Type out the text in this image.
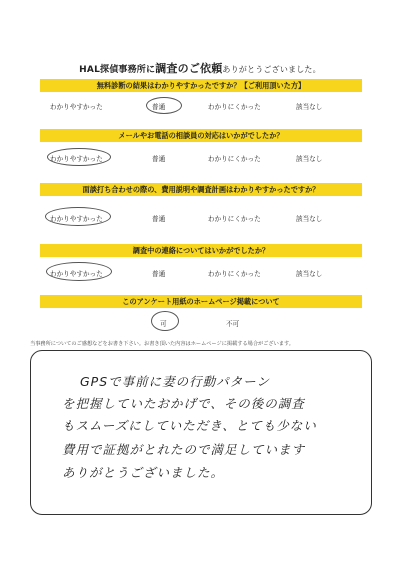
HAL探偵事務所に調査のご依頼ありがとうございました。
無料診断の結果はわかりやすかったですか？【ご利用頂いた方】
わかりやすかった	普通	わかりにくかった	該当なし
メールやお電話の相談員の対応はいかがでしたか？
わかりやすかった	普通	わかりにくかった	該当なし
面談打ち合わせの際の、費用説明や調査計画はわかりやすかったですか？
わかりやすかった	普通	わかりにくかった	該当なし
調査中の連絡についてはいかがでしたか？
わかりやすかった	普通	わかりにくかった	該当なし
このアンケート用紙のホームページ掲載について
可	不可
当事務所についてのご感想などをお書き下さい。お書き頂いた内容はホームページに掲載する場合がございます。
GPSで事前に妻の行動パターン
を把握していたおかげで、その後の調査
もスムーズにしていただき、とても少ない
費用で証拠がとれたので満足しています
ありがとうございました。
